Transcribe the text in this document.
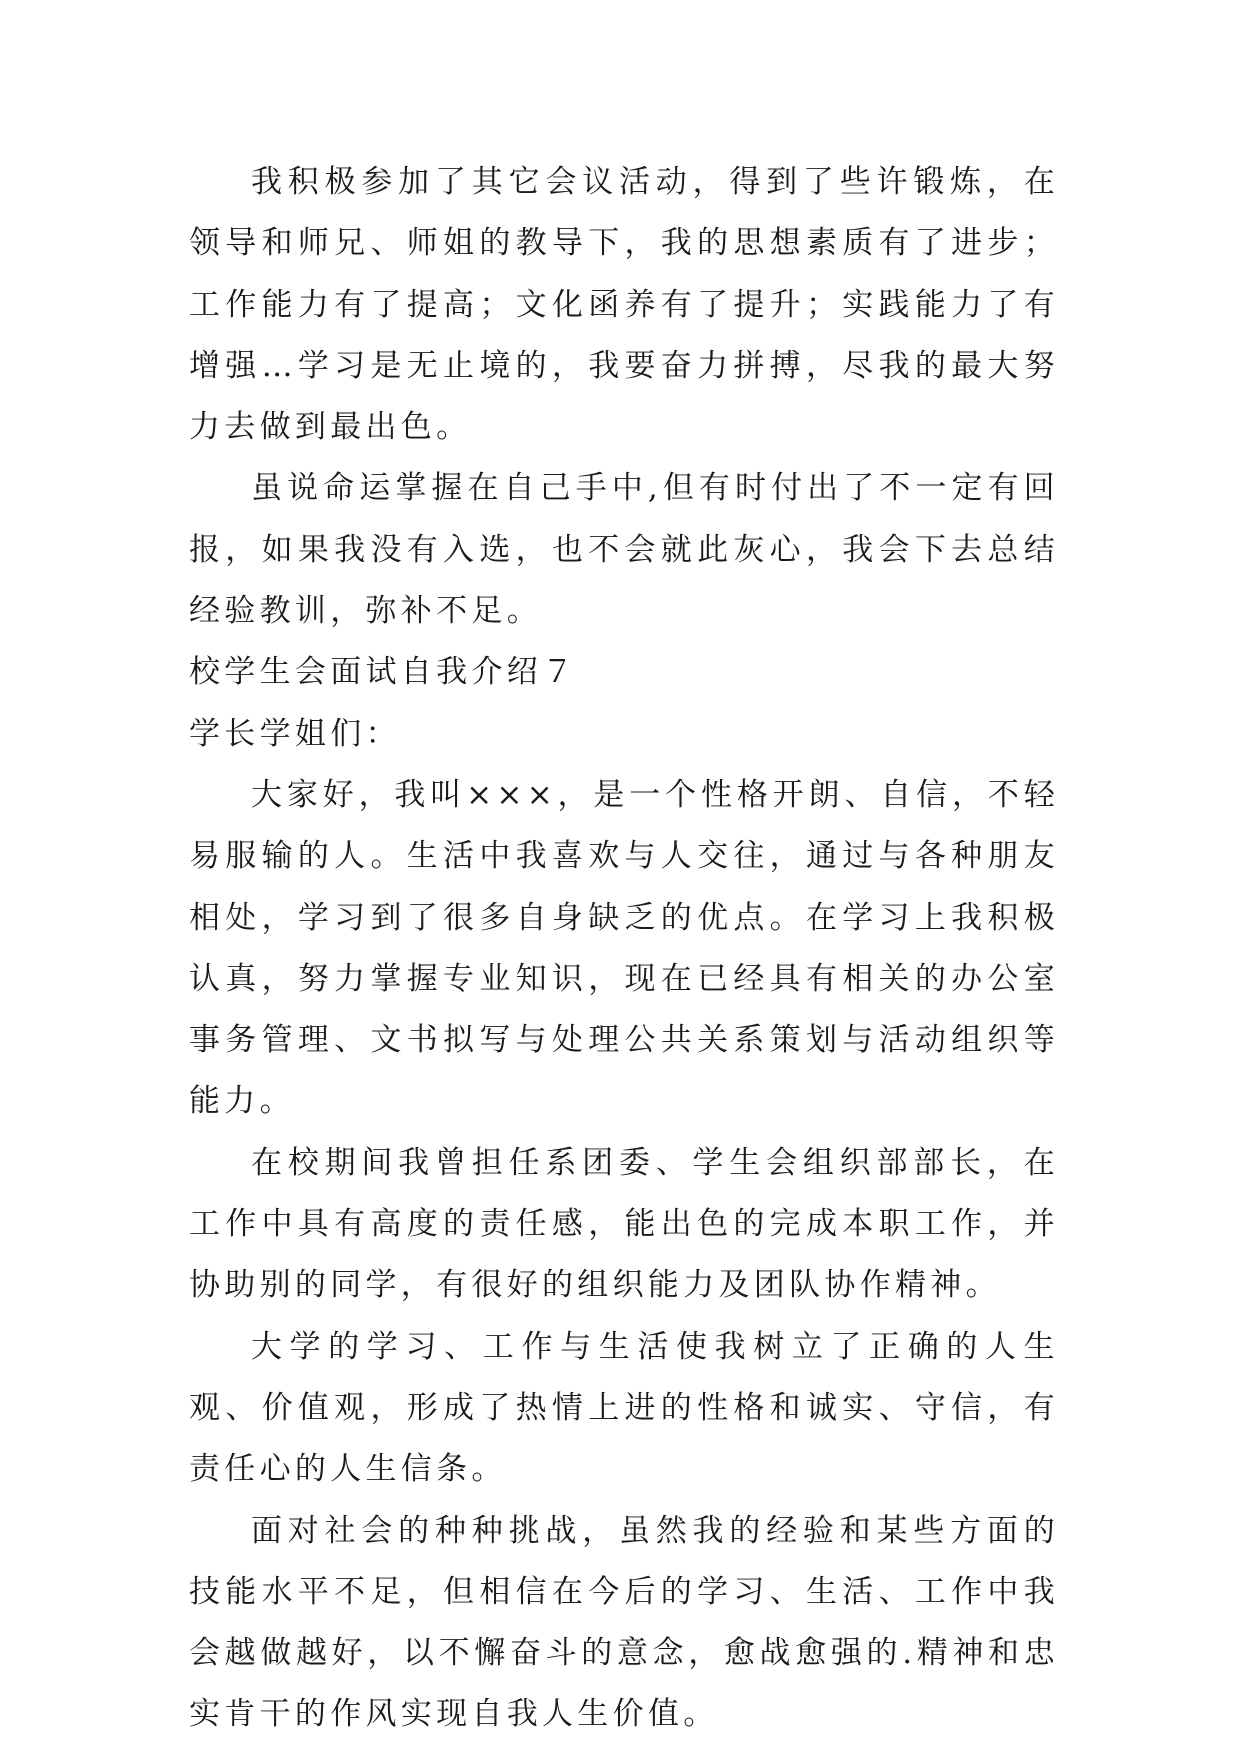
我积极参加了其它会议活动，得到了些许锻炼，在领导和师兄、师姐的教导下，我的思想素质有了进步；工作能力有了提高；文化函养有了提升；实践能力了有增强…学习是无止境的，我要奋力拼搏，尽我的最大努力去做到最出色。

虽说命运掌握在自己手中,但有时付出了不一定有回报，如果我没有入选，也不会就此灰心，我会下去总结经验教训，弥补不足。

校学生会面试自我介绍７

学长学姐们：

大家好，我叫×××，是一个性格开朗、自信，不轻易服输的人。生活中我喜欢与人交往，通过与各种朋友相处，学习到了很多自身缺乏的优点。在学习上我积极认真，努力掌握专业知识，现在已经具有相关的办公室事务管理、文书拟写与处理公共关系策划与活动组织等能力。

在校期间我曾担任系团委、学生会组织部部长，在工作中具有高度的责任感，能出色的完成本职工作，并协助别的同学，有很好的组织能力及团队协作精神。

大学的学习、工作与生活使我树立了正确的人生观、价值观，形成了热情上进的性格和诚实、守信，有责任心的人生信条。

面对社会的种种挑战，虽然我的经验和某些方面的技能水平不足，但相信在今后的学习、生活、工作中我会越做越好，以不懈奋斗的意念，愈战愈强的.精神和忠实肯干的作风实现自我人生价值。
